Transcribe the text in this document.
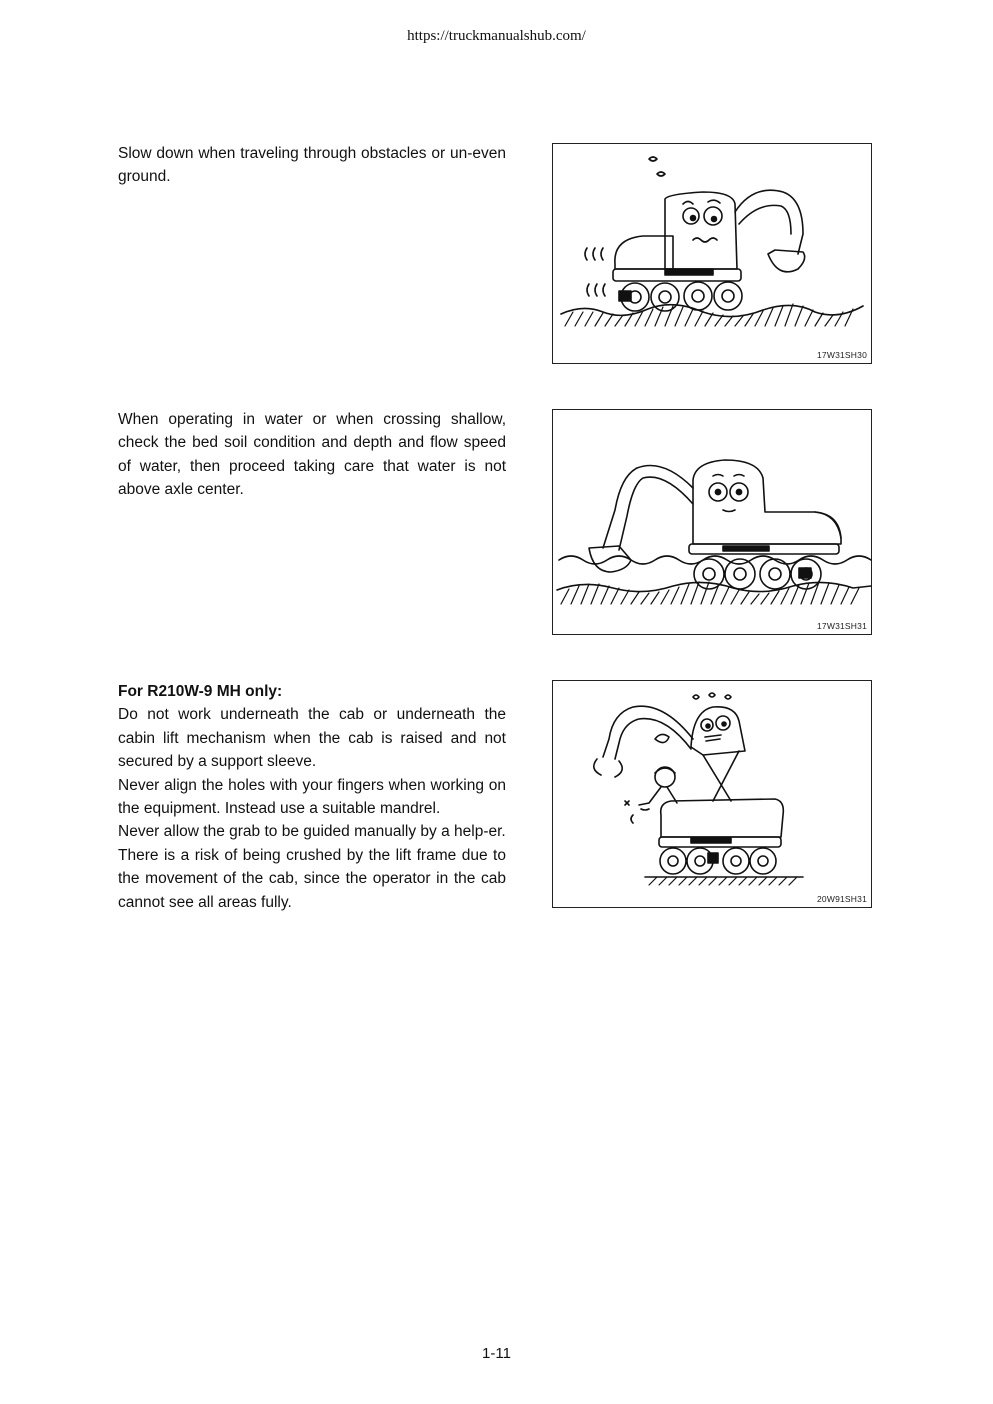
https://truckmanualshub.com/

Slow down when traveling through obstacles or un-even ground.

17W31SH30

When operating in water or when crossing shallow, check the bed soil condition and depth and flow speed of water, then proceed taking care that water is not above axle center.

17W31SH31

For R210W-9 MH only:

Do not work underneath the cab or underneath the cabin lift mechanism when the cab is raised and not secured by a support sleeve.

Never align the holes with your fingers when working on the equipment. Instead use a suitable mandrel.

Never allow the grab to be guided manually by a help-er.

There is a risk of being crushed by the lift frame due to the movement of the cab, since the operator in the cab cannot see all areas fully.	20W91SH31
1-11
